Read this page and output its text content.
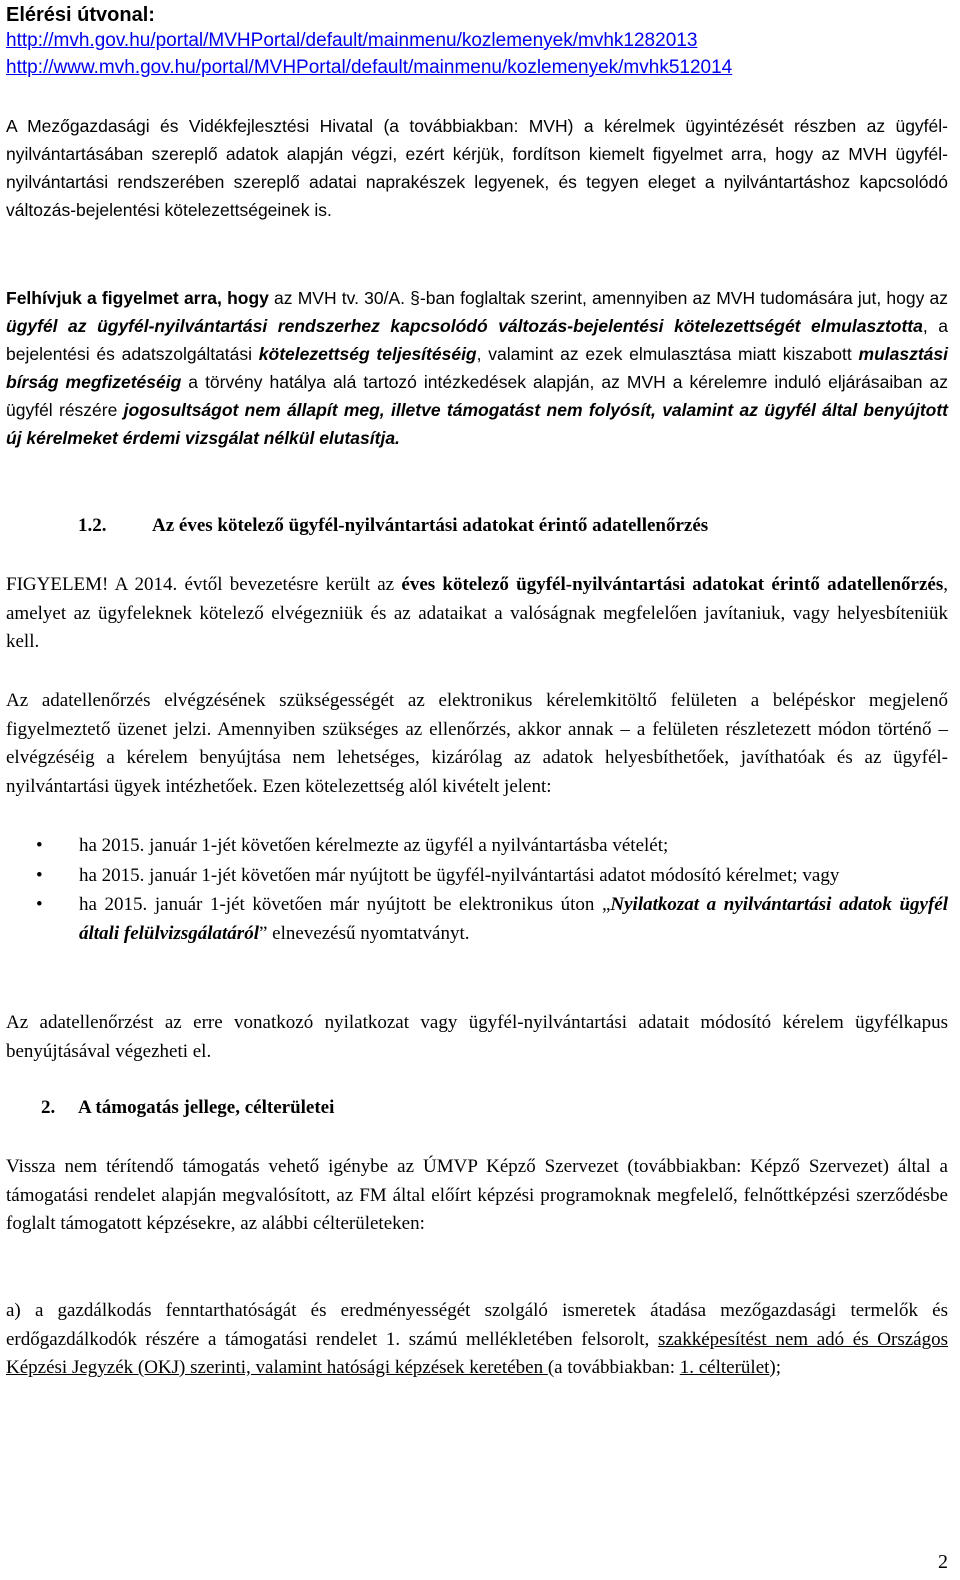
Elérési útvonal:
http://mvh.gov.hu/portal/MVHPortal/default/mainmenu/kozlemenyek/mvhk1282013
http://www.mvh.gov.hu/portal/MVHPortal/default/mainmenu/kozlemenyek/mvhk512014

A Mezőgazdasági és Vidékfejlesztési Hivatal (a továbbiakban: MVH) a kérelmek ügyintézését részben az ügyfél-nyilvántartásában szereplő adatok alapján végzi, ezért kérjük, fordítson kiemelt figyelmet arra, hogy az MVH ügyfél-nyilvántartási rendszerében szereplő adatai naprakészek legyenek, és tegyen eleget a nyilvántartáshoz kapcsolódó változás-bejelentési kötelezettségeinek is.

Felhívjuk a figyelmet arra, hogy az MVH tv. 30/A. §-ban foglaltak szerint, amennyiben az MVH tudomására jut, hogy az ügyfél az ügyfél-nyilvántartási rendszerhez kapcsolódó változás-bejelentési kötelezettségét elmulasztotta, a bejelentési és adatszolgáltatási kötelezettség teljesítéséig, valamint az ezek elmulasztása miatt kiszabott mulasztási bírság megfizetéséig a törvény hatálya alá tartozó intézkedések alapján, az MVH a kérelemre induló eljárásaiban az ügyfél részére jogosultságot nem állapít meg, illetve támogatást nem folyósít, valamint az ügyfél által benyújtott új kérelmeket érdemi vizsgálat nélkül elutasítja.

1.2. Az éves kötelező ügyfél-nyilvántartási adatokat érintő adatellenőrzés

FIGYELEM! A 2014. évtől bevezetésre került az éves kötelező ügyfél-nyilvántartási adatokat érintő adatellenőrzés, amelyet az ügyfeleknek kötelező elvégezniük és az adataikat a valóságnak megfelelően javítaniuk, vagy helyesbíteniük kell.

Az adatellenőrzés elvégzésének szükségességét az elektronikus kérelemkitöltő felületen a belépéskor megjelenő figyelmeztető üzenet jelzi. Amennyiben szükséges az ellenőrzés, akkor annak – a felületen részletezett módon történő – elvégzéséig a kérelem benyújtása nem lehetséges, kizárólag az adatok helyesbíthetőek, javíthatóak és az ügyfél-nyilvántartási ügyek intézhetőek. Ezen kötelezettség alól kivételt jelent:

• ha 2015. január 1-jét követően kérelmezte az ügyfél a nyilvántartásba vételét;
• ha 2015. január 1-jét követően már nyújtott be ügyfél-nyilvántartási adatot módosító kérelmet; vagy
• ha 2015. január 1-jét követően már nyújtott be elektronikus úton „Nyilatkozat a nyilvántartási adatok ügyfél általi felülvizsgálatáról” elnevezésű nyomtatványt.

Az adatellenőrzést az erre vonatkozó nyilatkozat vagy ügyfél-nyilvántartási adatait módosító kérelem ügyfélkapus benyújtásával végezheti el.

2. A támogatás jellege, célterületei

Vissza nem térítendő támogatás vehető igénybe az ÚMVP Képző Szervezet (továbbiakban: Képző Szervezet) által a támogatási rendelet alapján megvalósított, az FM által előírt képzési programoknak megfelelő, felnőttképzési szerződésbe foglalt támogatott képzésekre, az alábbi célterületeken:

a) a gazdálkodás fenntarthatóságát és eredményességét szolgáló ismeretek átadása mezőgazdasági termelők és erdőgazdálkodók részére a támogatási rendelet 1. számú mellékletében felsorolt, szakképesítést nem adó és Országos Képzési Jegyzék (OKJ) szerinti, valamint hatósági képzések keretében (a továbbiakban: 1. célterület);

2
